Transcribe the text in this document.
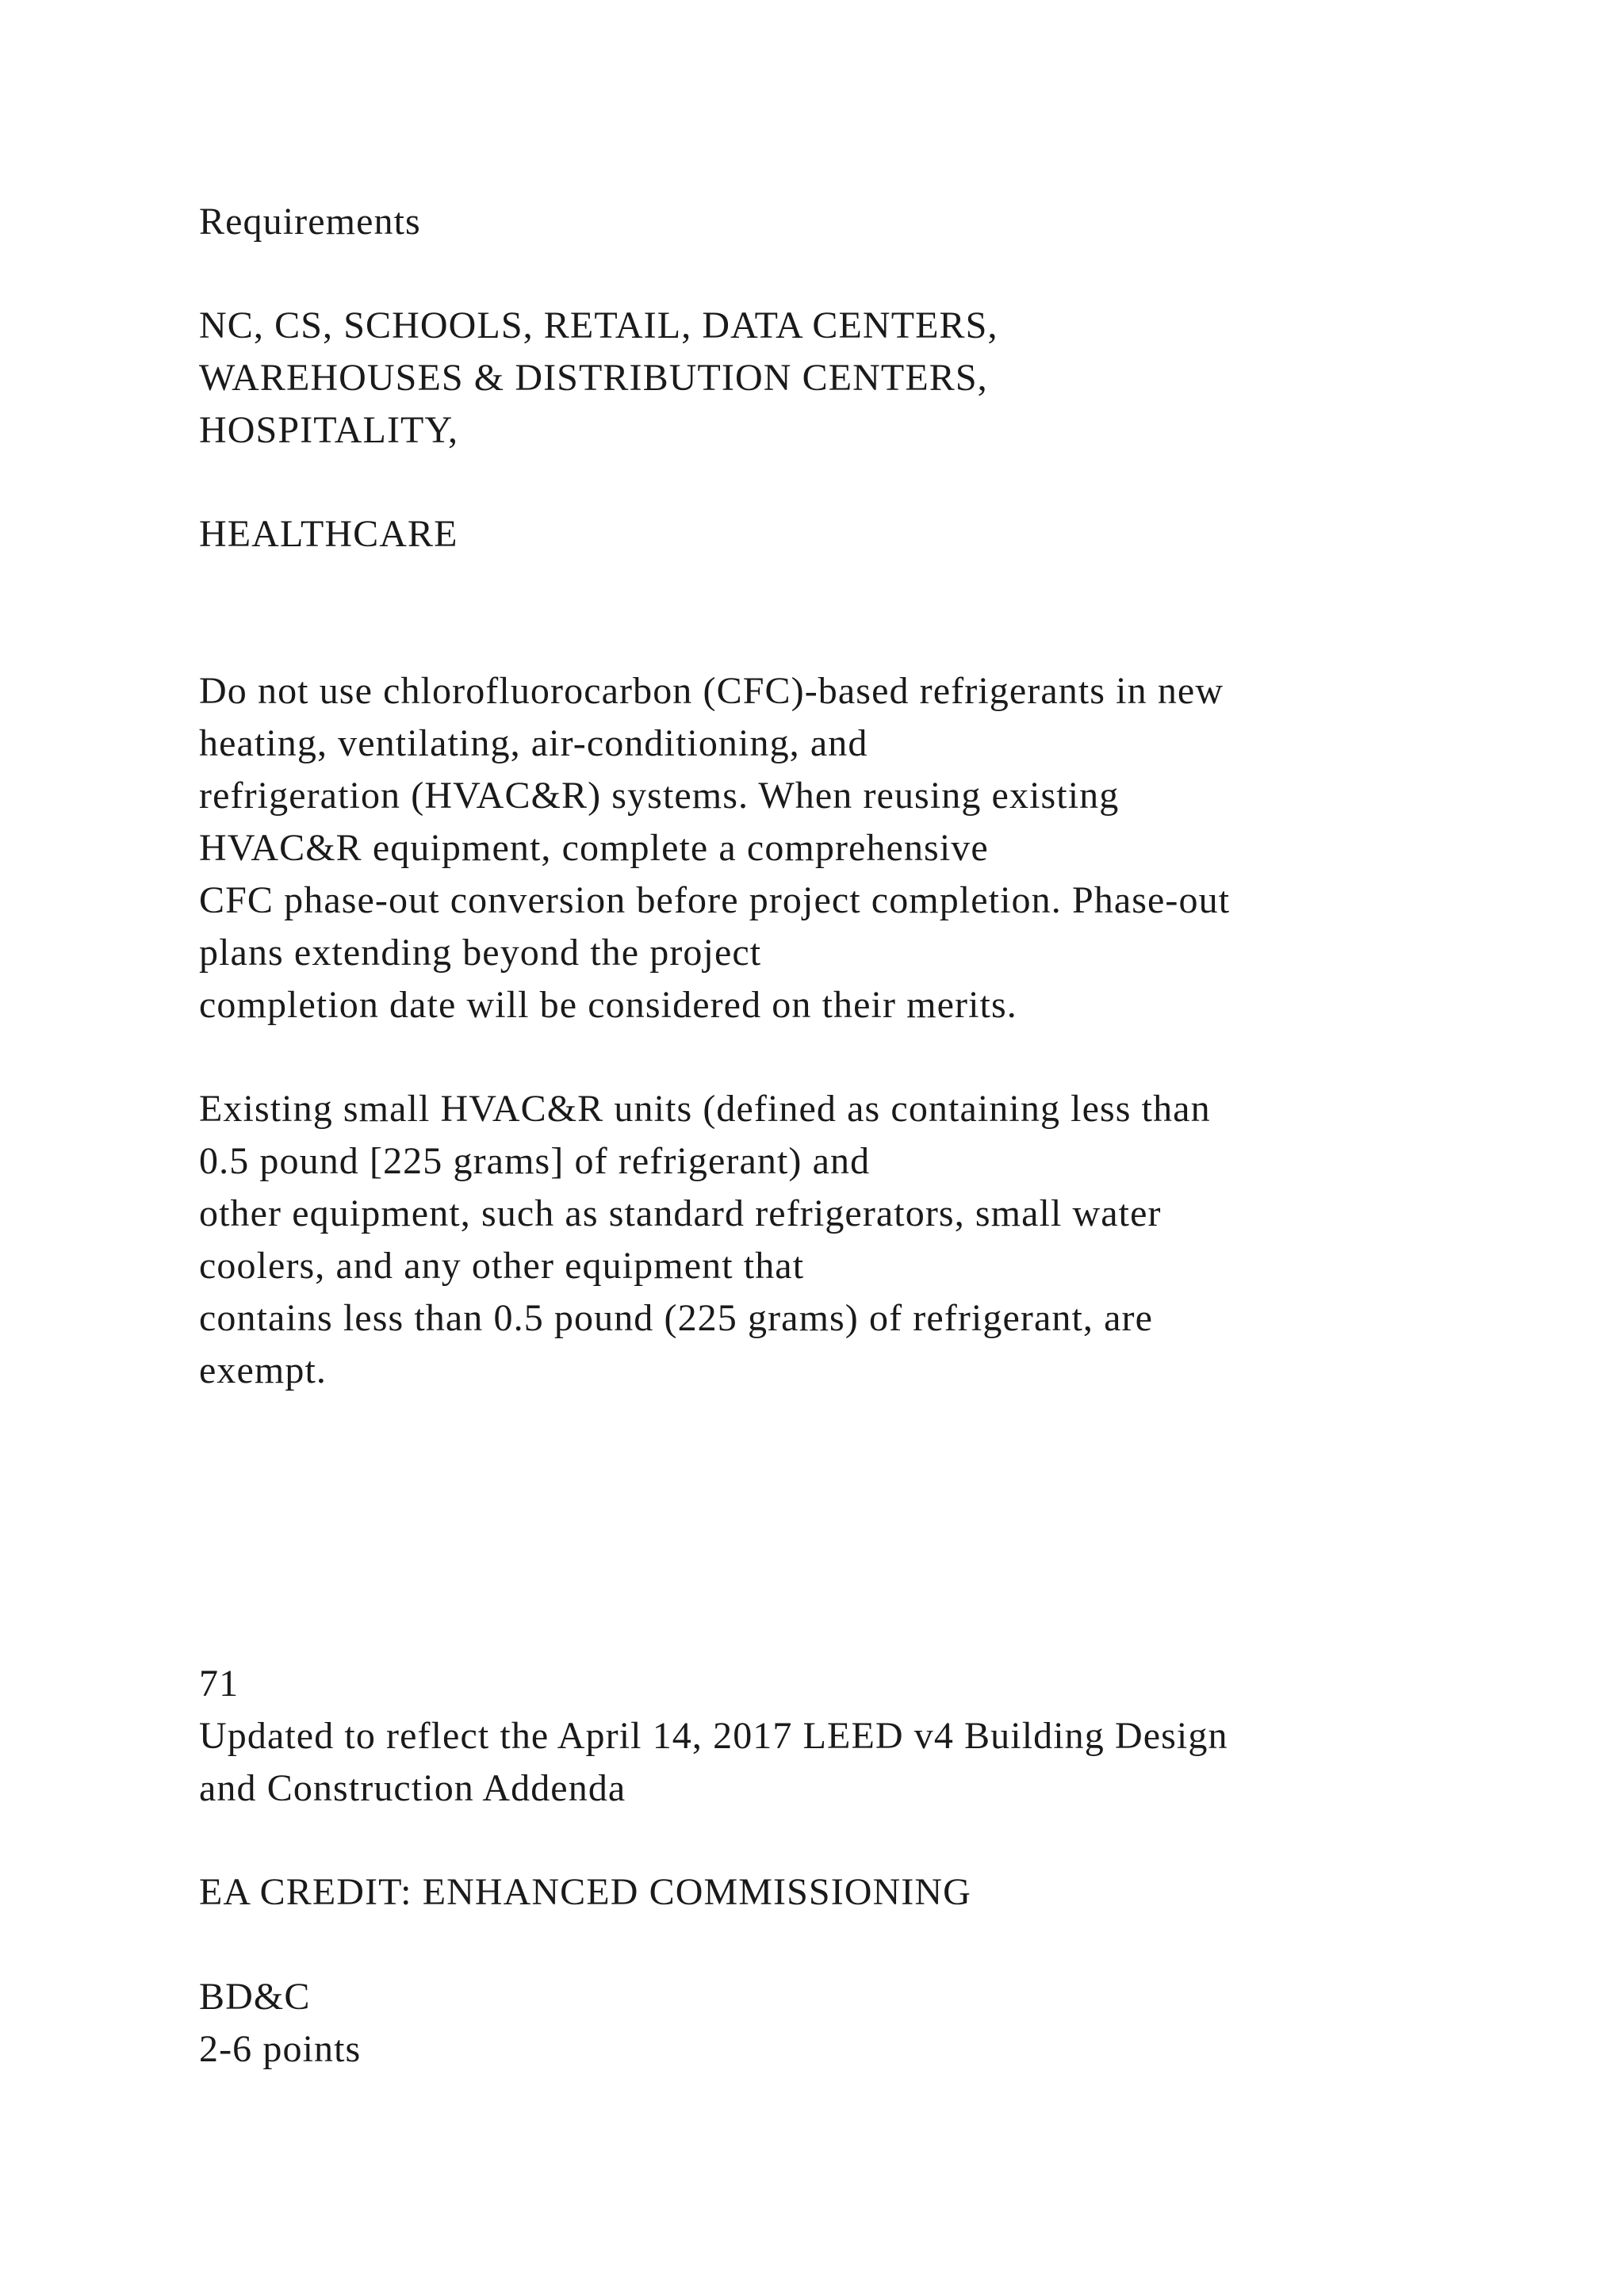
Requirements

NC, CS, SCHOOLS, RETAIL, DATA CENTERS,

WAREHOUSES & DISTRIBUTION CENTERS,

HOSPITALITY,

HEALTHCARE

Do not use chlorofluorocarbon (CFC)-based refrigerants in new

heating, ventilating, air-conditioning, and

refrigeration (HVAC&R) systems. When reusing existing

HVAC&R equipment, complete a comprehensive

CFC phase-out conversion before project completion. Phase-out

plans extending beyond the project

completion date will be considered on their merits.

Existing small HVAC&R units (defined as containing less than

0.5 pound [225 grams] of refrigerant) and

other equipment, such as standard refrigerators, small water

coolers, and any other equipment that

contains less than 0.5 pound (225 grams) of refrigerant, are

exempt.

71

Updated to reflect the April 14, 2017 LEED v4 Building Design

and Construction Addenda

EA CREDIT: ENHANCED COMMISSIONING

BD&C

2-6 points
